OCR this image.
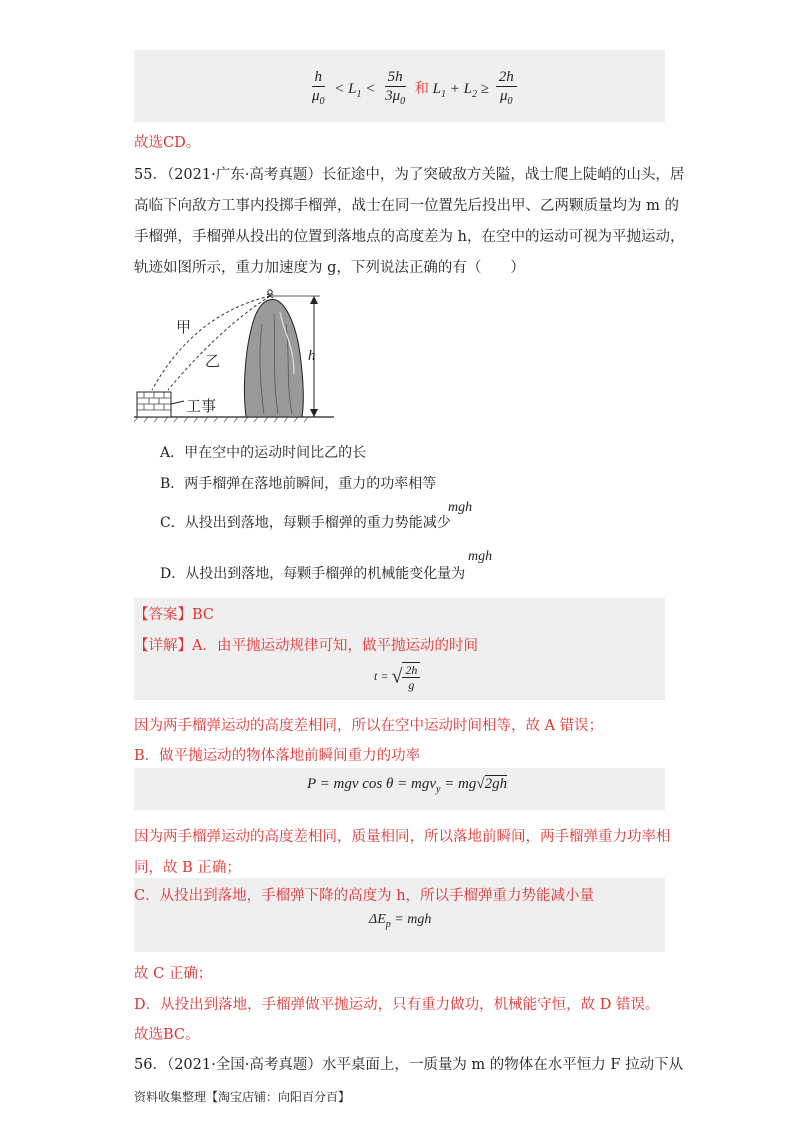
$\frac{h}{\mu_0} < L_1 < \frac{5h}{3\mu_0}$ 和 $L_1 + L_2 \ge \frac{2h}{\mu_0}$
故选CD。
55．（2021·广东·高考真题）长征途中，为了突破敌方关隘，战士爬上陡峭的山头，居
高临下向敌方工事内投掷手榴弹，战士在同一位置先后投出甲、乙两颗质量均为 m 的
手榴弹，手榴弹从投出的位置到落地点的高度差为 h，在空中的运动可视为平抛运动，
轨迹如图所示，重力加速度为 g，下列说法正确的有（　　）
甲
乙
工事
h
A．甲在空中的运动时间比乙的长
B．两手榴弹在落地前瞬间，重力的功率相等
C．从投出到落地，每颗手榴弹的重力势能减少
mgh
D．从投出到落地，每颗手榴弹的机械能变化量为
mgh
【答案】BC
【详解】A．由平抛运动规律可知，做平抛运动的时间
t = √ $\frac{2h}{g}$
因为两手榴弹运动的高度差相同，所以在空中运动时间相等，故 A 错误；
B．做平抛运动的物体落地前瞬间重力的功率
P = mgv cos θ = mgv$_y$ = mg√2gh
因为两手榴弹运动的高度差相同，质量相同，所以落地前瞬间，两手榴弹重力功率相
同，故 B 正确；
C．从投出到落地，手榴弹下降的高度为 h，所以手榴弹重力势能减小量
$\Delta E_p$ = mgh
故 C 正确；
D．从投出到落地，手榴弹做平抛运动，只有重力做功，机械能守恒，故 D 错误。
故选BC。
56．（2021·全国·高考真题）水平桌面上，一质量为 m 的物体在水平恒力 F 拉动下从
资料收集整理【淘宝店铺：向阳百分百】
